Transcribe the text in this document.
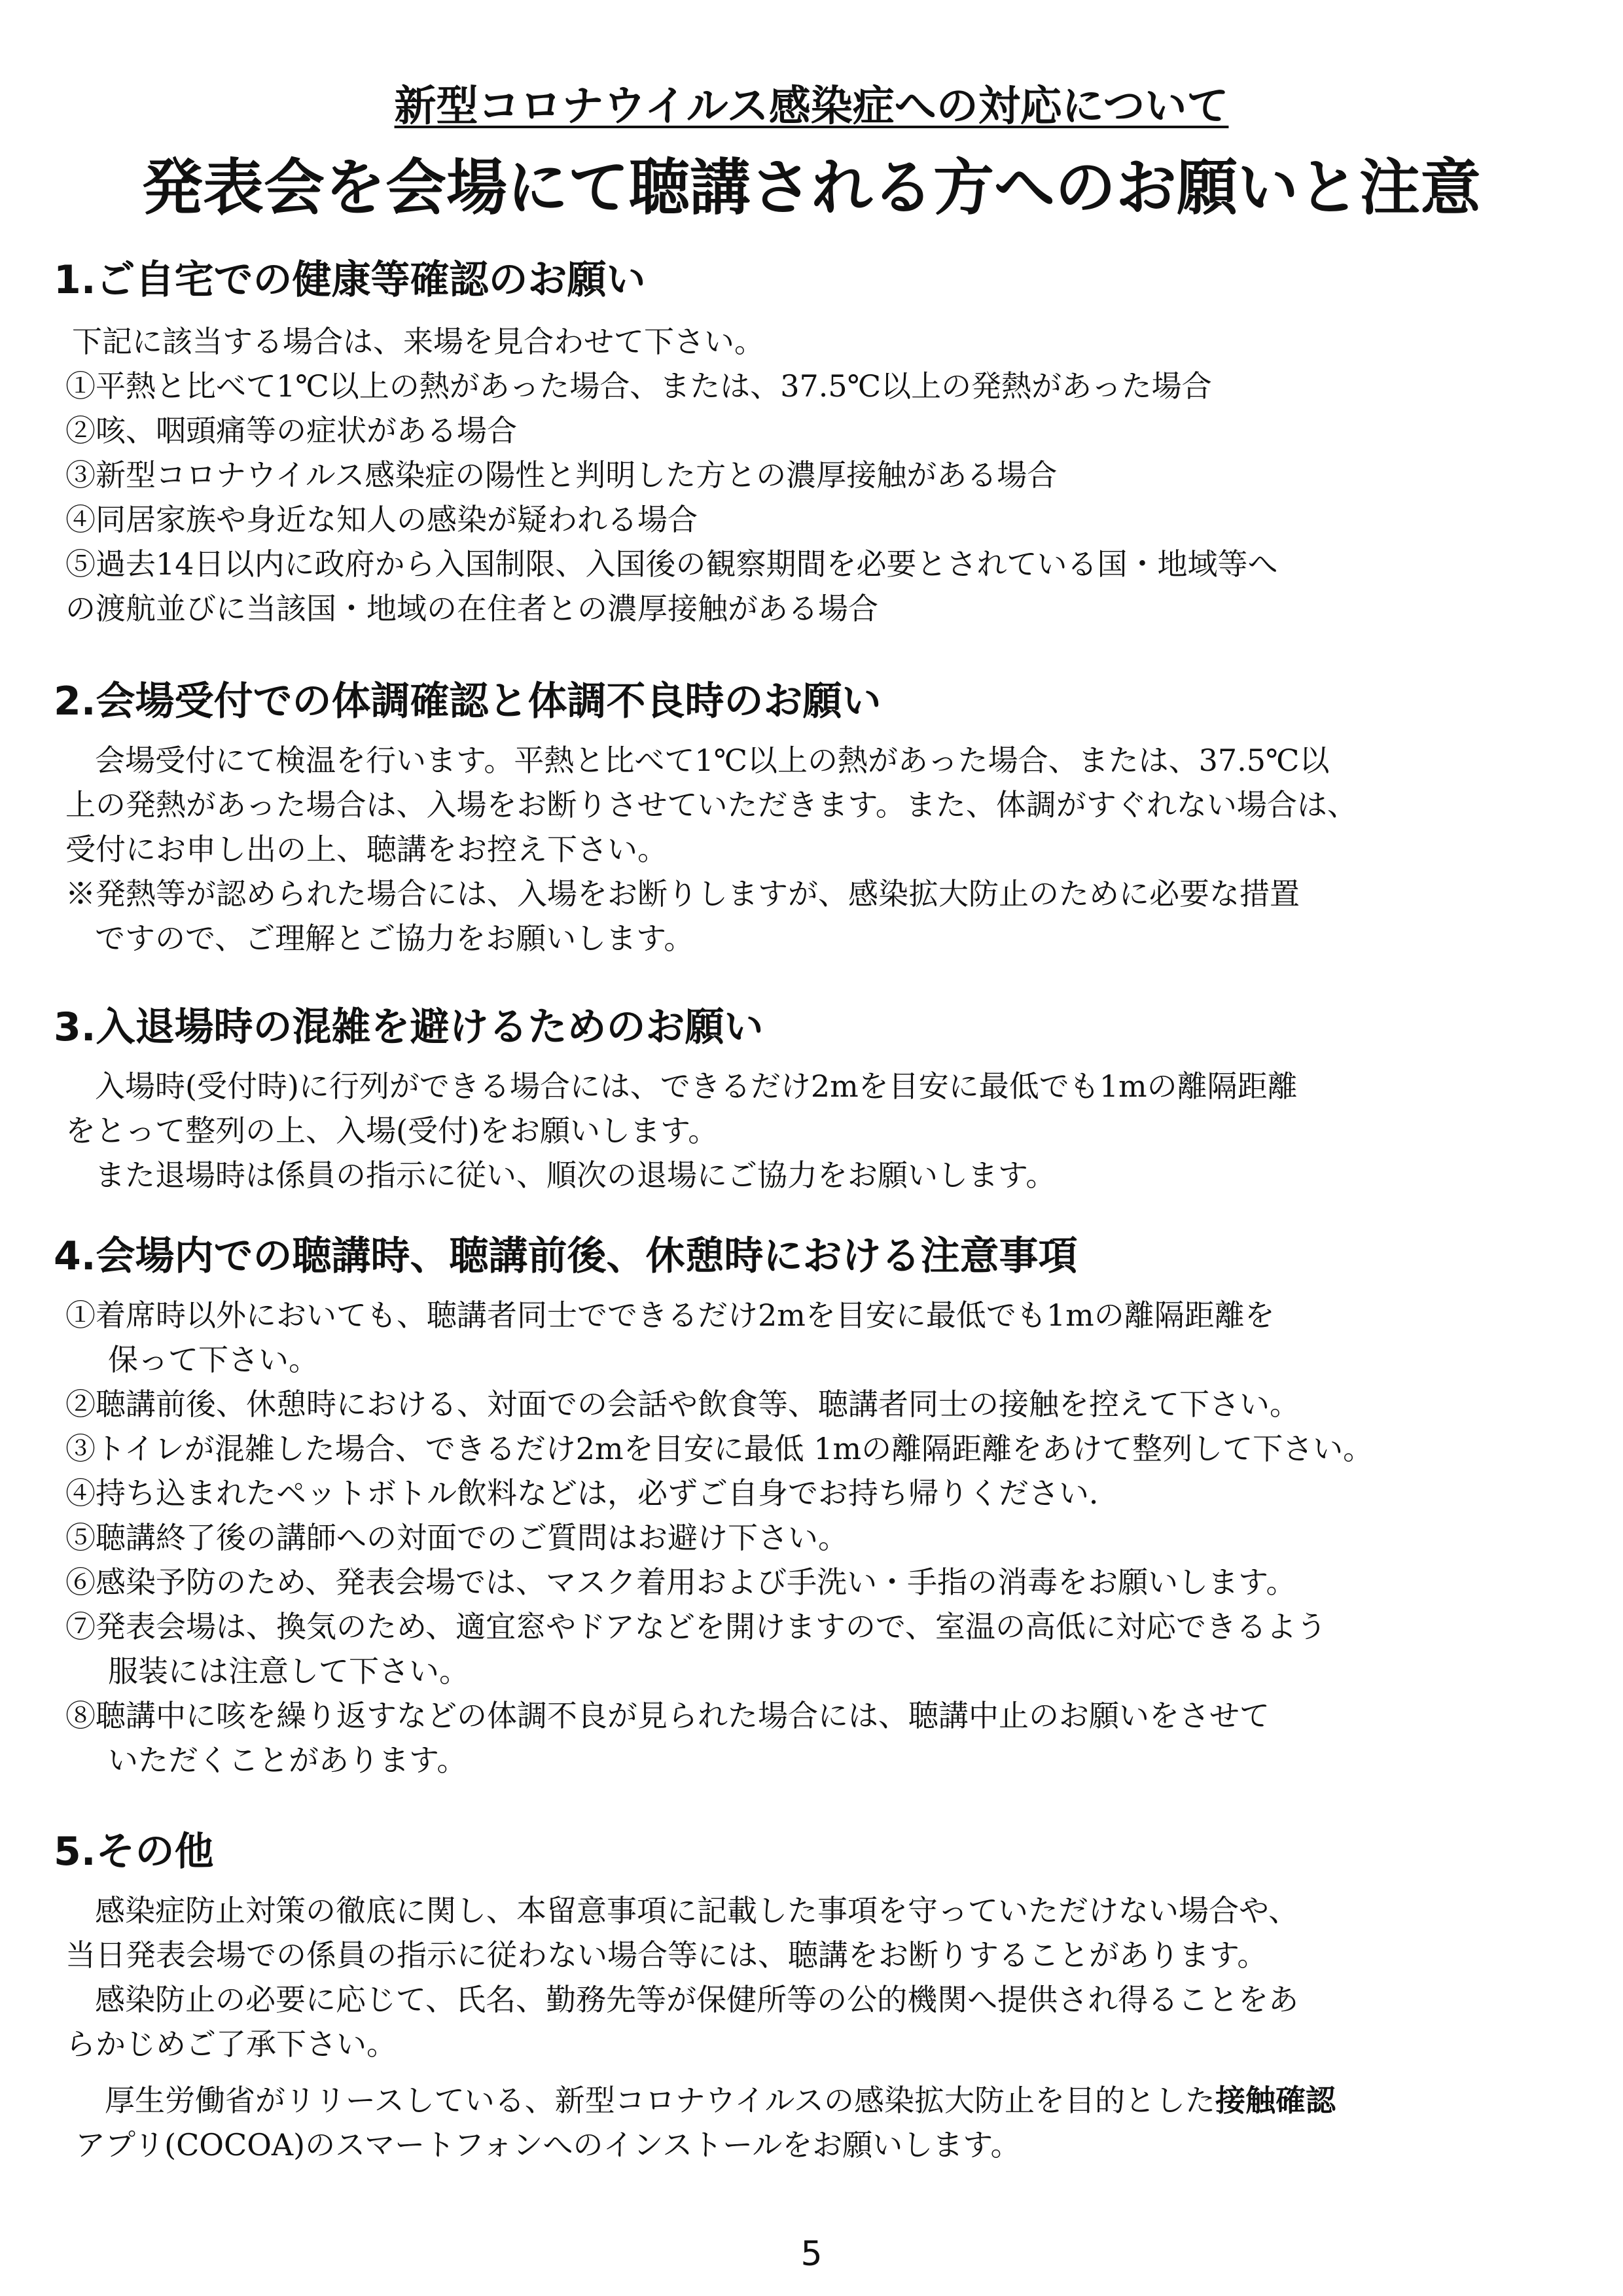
新型コロナウイルス感染症への対応について
発表会を会場にて聴講される方へのお願いと注意
1.ご自宅での健康等確認のお願い
下記に該当する場合は、来場を見合わせて下さい。
①平熱と比べて1℃以上の熱があった場合、または、37.5℃以上の発熱があった場合
②咳、咽頭痛等の症状がある場合
③新型コロナウイルス感染症の陽性と判明した方との濃厚接触がある場合
④同居家族や身近な知人の感染が疑われる場合
⑤過去14日以内に政府から入国制限、入国後の観察期間を必要とされている国・地域等へ
の渡航並びに当該国・地域の在住者との濃厚接触がある場合
2.会場受付での体調確認と体調不良時のお願い
会場受付にて検温を行います。平熱と比べて1℃以上の熱があった場合、または、37.5℃以
上の発熱があった場合は、入場をお断りさせていただきます。また、体調がすぐれない場合は、
受付にお申し出の上、聴講をお控え下さい。
※発熱等が認められた場合には、入場をお断りしますが、感染拡大防止のために必要な措置
ですので、ご理解とご協力をお願いします。
3.入退場時の混雑を避けるためのお願い
入場時(受付時)に行列ができる場合には、できるだけ2mを目安に最低でも1mの離隔距離
をとって整列の上、入場(受付)をお願いします。
また退場時は係員の指示に従い、順次の退場にご協力をお願いします。
4.会場内での聴講時、聴講前後、休憩時における注意事項
①着席時以外においても、聴講者同士でできるだけ2mを目安に最低でも1mの離隔距離を
保って下さい。
②聴講前後、休憩時における、対面での会話や飲食等、聴講者同士の接触を控えて下さい。
③トイレが混雑した場合、できるだけ2mを目安に最低 1mの離隔距離をあけて整列して下さい。
④持ち込まれたペットボトル飲料などは，必ずご自身でお持ち帰りください．
⑤聴講終了後の講師への対面でのご質問はお避け下さい。
⑥感染予防のため、発表会場では、マスク着用および手洗い・手指の消毒をお願いします。
⑦発表会場は、換気のため、適宜窓やドアなどを開けますので、室温の高低に対応できるよう
服装には注意して下さい。
⑧聴講中に咳を繰り返すなどの体調不良が見られた場合には、聴講中止のお願いをさせて
いただくことがあります。
5.その他
感染症防止対策の徹底に関し、本留意事項に記載した事項を守っていただけない場合や、
当日発表会場での係員の指示に従わない場合等には、聴講をお断りすることがあります。
感染防止の必要に応じて、氏名、勤務先等が保健所等の公的機関へ提供され得ることをあ
らかじめご了承下さい。
厚生労働省がリリースしている、新型コロナウイルスの感染拡大防止を目的とした接触確認
アプリ(COCOA)のスマートフォンへのインストールをお願いします。
5
